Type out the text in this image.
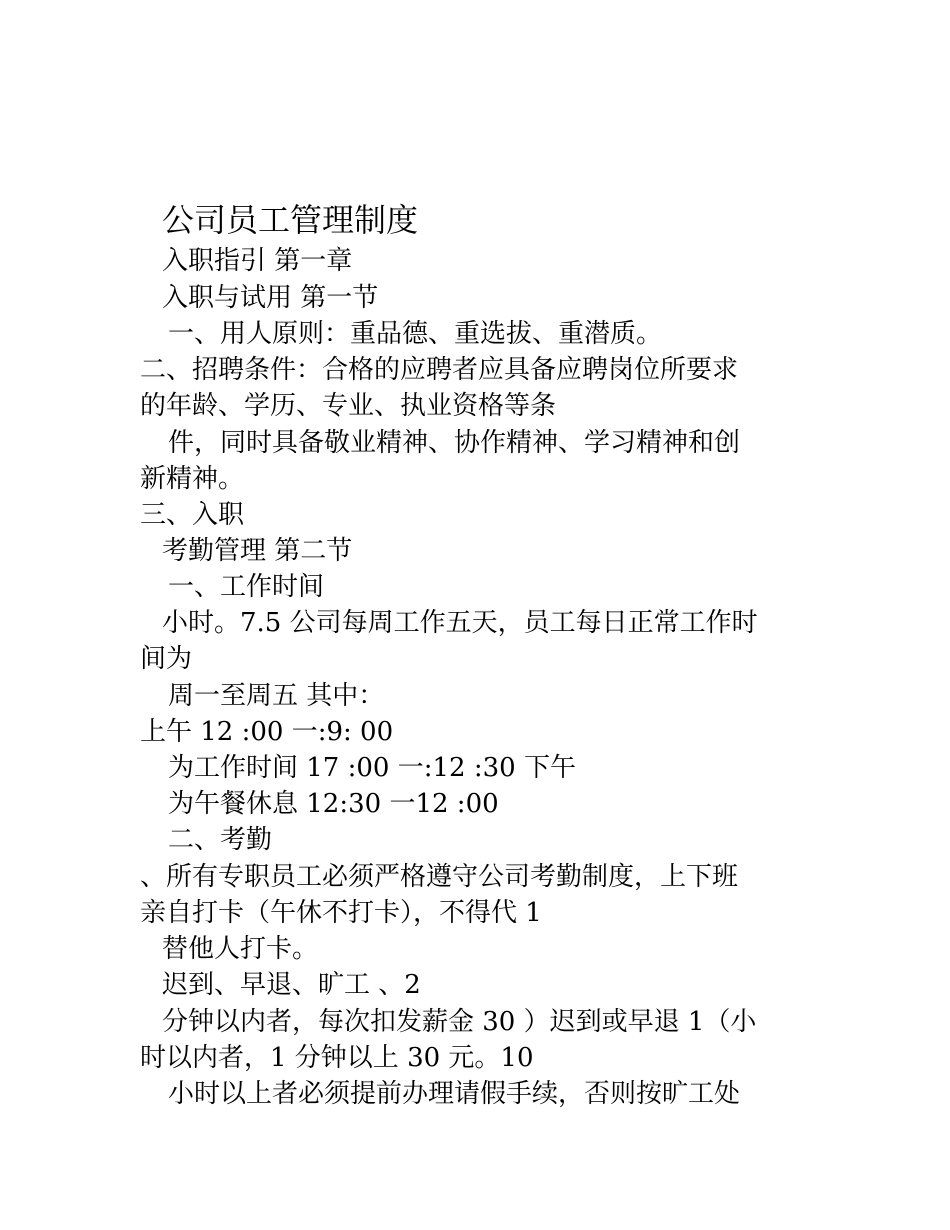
公司员工管理制度
入职指引 第一章
入职与试用 第一节
一、用人原则：重品德、重选拔、重潜质。
二、招聘条件：合格的应聘者应具备应聘岗位所要求
的年龄、学历、专业、执业资格等条
件，同时具备敬业精神、协作精神、学习精神和创
新精神。
三、入职
考勤管理 第二节
一、工作时间
小时。7.5 公司每周工作五天，员工每日正常工作时
间为
周一至周五 其中：
上午 12 :00 一:9: 00
为工作时间 17 :00 一:12 :30 下午
为午餐休息 12:30 一12 :00
二、考勤
、所有专职员工必须严格遵守公司考勤制度，上下班
亲自打卡（午休不打卡），不得代 1
替他人打卡。
迟到、早退、旷工 、2
分钟以内者，每次扣发薪金 30 ）迟到或早退 1（小
时以内者，1 分钟以上 30 元。10
小时以上者必须提前办理请假手续，否则按旷工处
